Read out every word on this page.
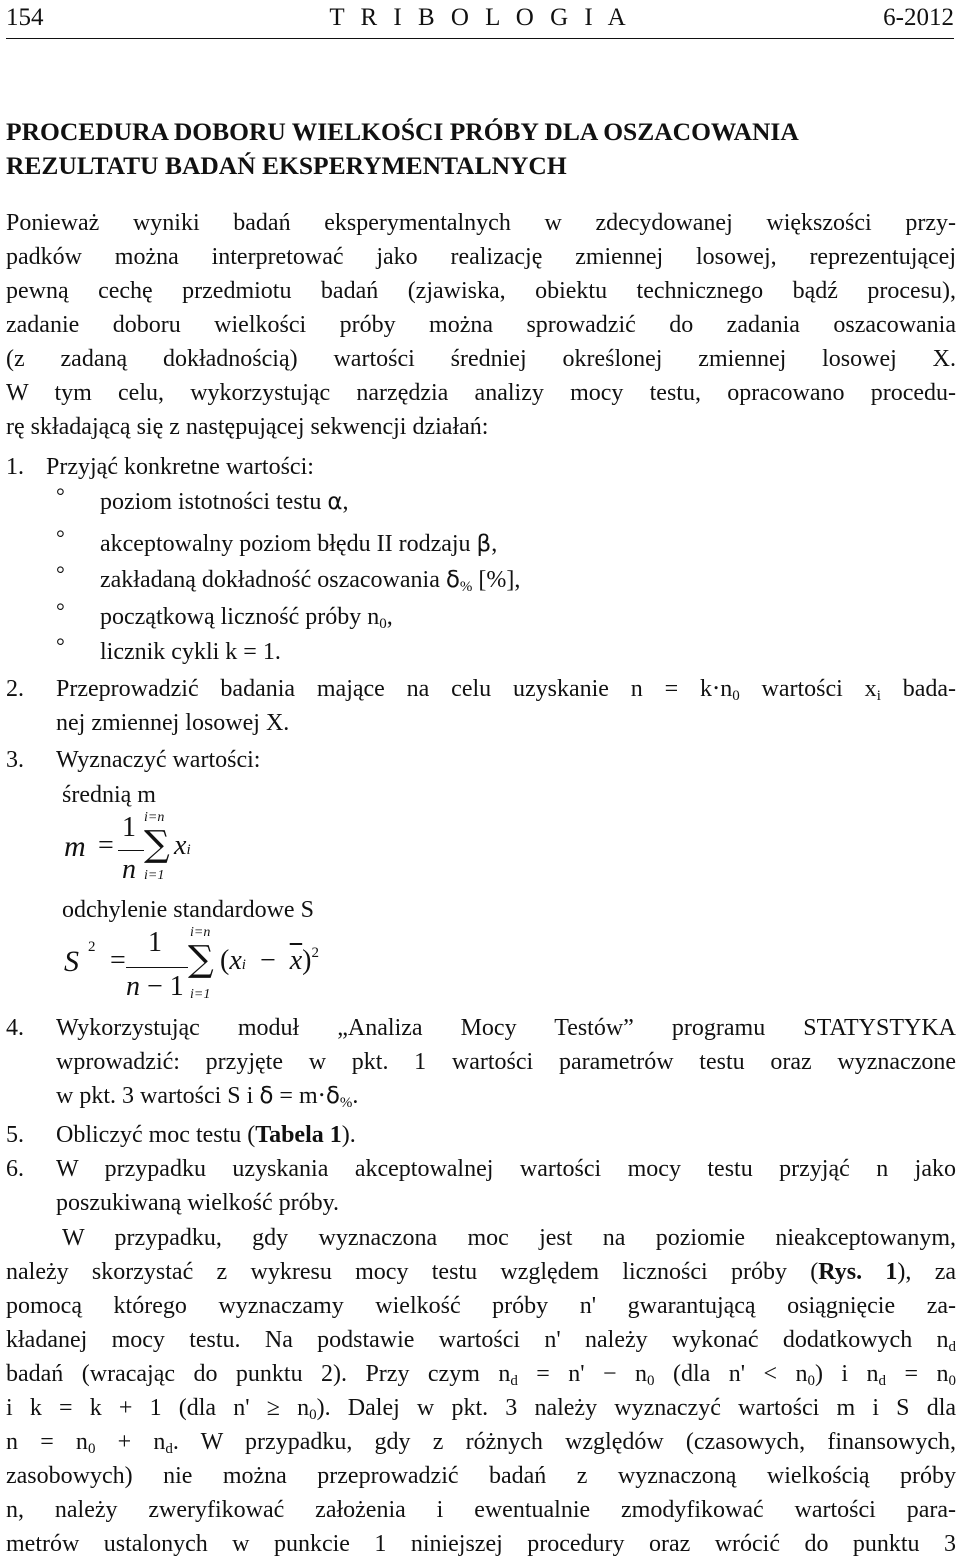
154	T R I B O L O G I A	6-2012
PROCEDURA DOBORU WIELKOŚCI PRÓBY DLA OSZACOWANIA
REZULTATU BADAŃ EKSPERYMENTALNYCH
Ponieważ wyniki badań eksperymentalnych w zdecydowanej większości przy-
padków można interpretować jako realizację zmiennej losowej, reprezentującej
pewną cechę przedmiotu badań (zjawiska, obiektu technicznego bądź procesu),
zadanie doboru wielkości próby można sprowadzić do zadania oszacowania
(z zadaną dokładnością) wartości średniej określonej zmiennej losowej X.
W tym celu, wykorzystując narzędzia analizy mocy testu, opracowano procedu-
rę składającą się z następującej sekwencji działań:
1. Przyjąć konkretne wartości:
° poziom istotności testu α,
° akceptowalny poziom błędu II rodzaju β,
° zakładaną dokładność oszacowania $\delta_{\%}$ [%],
° początkową liczność próby $n_0$,
° licznik cykli k = 1.
2. Przeprowadzić badania mające na celu uzyskanie $n = k\cdot n_0$ wartości $x_i$ bada-
nej zmiennej losowej X.
3. Wyznaczyć wartości:
średnią m
m =
1
n
i=n
∑
i=1
xi
odchylenie standardowe S
S 2 =
1
n − 1
i=n
∑
i=1
$(xi - \overline{x})^2$
4. Wykorzystując moduł „Analiza Mocy Testów” programu STATYSTYKA
wprowadzić: przyjęte w pkt. 1 wartości parametrów testu oraz wyznaczone
w pkt. 3 wartości S i $\delta = m\cdot\delta_{\%}$.
5. Obliczyć moc testu (Tabela 1).
6. W przypadku uzyskania akceptowalnej wartości mocy testu przyjąć n jako
poszukiwaną wielkość próby.
W przypadku, gdy wyznaczona moc jest na poziomie nieakceptowanym,
należy skorzystać z wykresu mocy testu względem liczności próby (Rys. 1), za
pomocą którego wyznaczamy wielkość próby n' gwarantującą osiągnięcie za-
kładanej mocy testu. Na podstawie wartości n' należy wykonać dodatkowych $n_d$
badań (wracając do punktu 2). Przy czym $n_d = n' - n_0$ (dla $n' < n_0$) i $n_d = n_0$
i k = k + 1 (dla $n' \ge n_0$). Dalej w pkt. 3 należy wyznaczyć wartości m i S dla
$n = n_0 + n_d$. W przypadku, gdy z różnych względów (czasowych, finansowych,
zasobowych) nie można przeprowadzić badań z wyznaczoną wielkością próby
n, należy zweryfikować założenia i ewentualnie zmodyfikować wartości para-
metrów ustalonych w punkcie 1 niniejszej procedury oraz wrócić do punktu 3
